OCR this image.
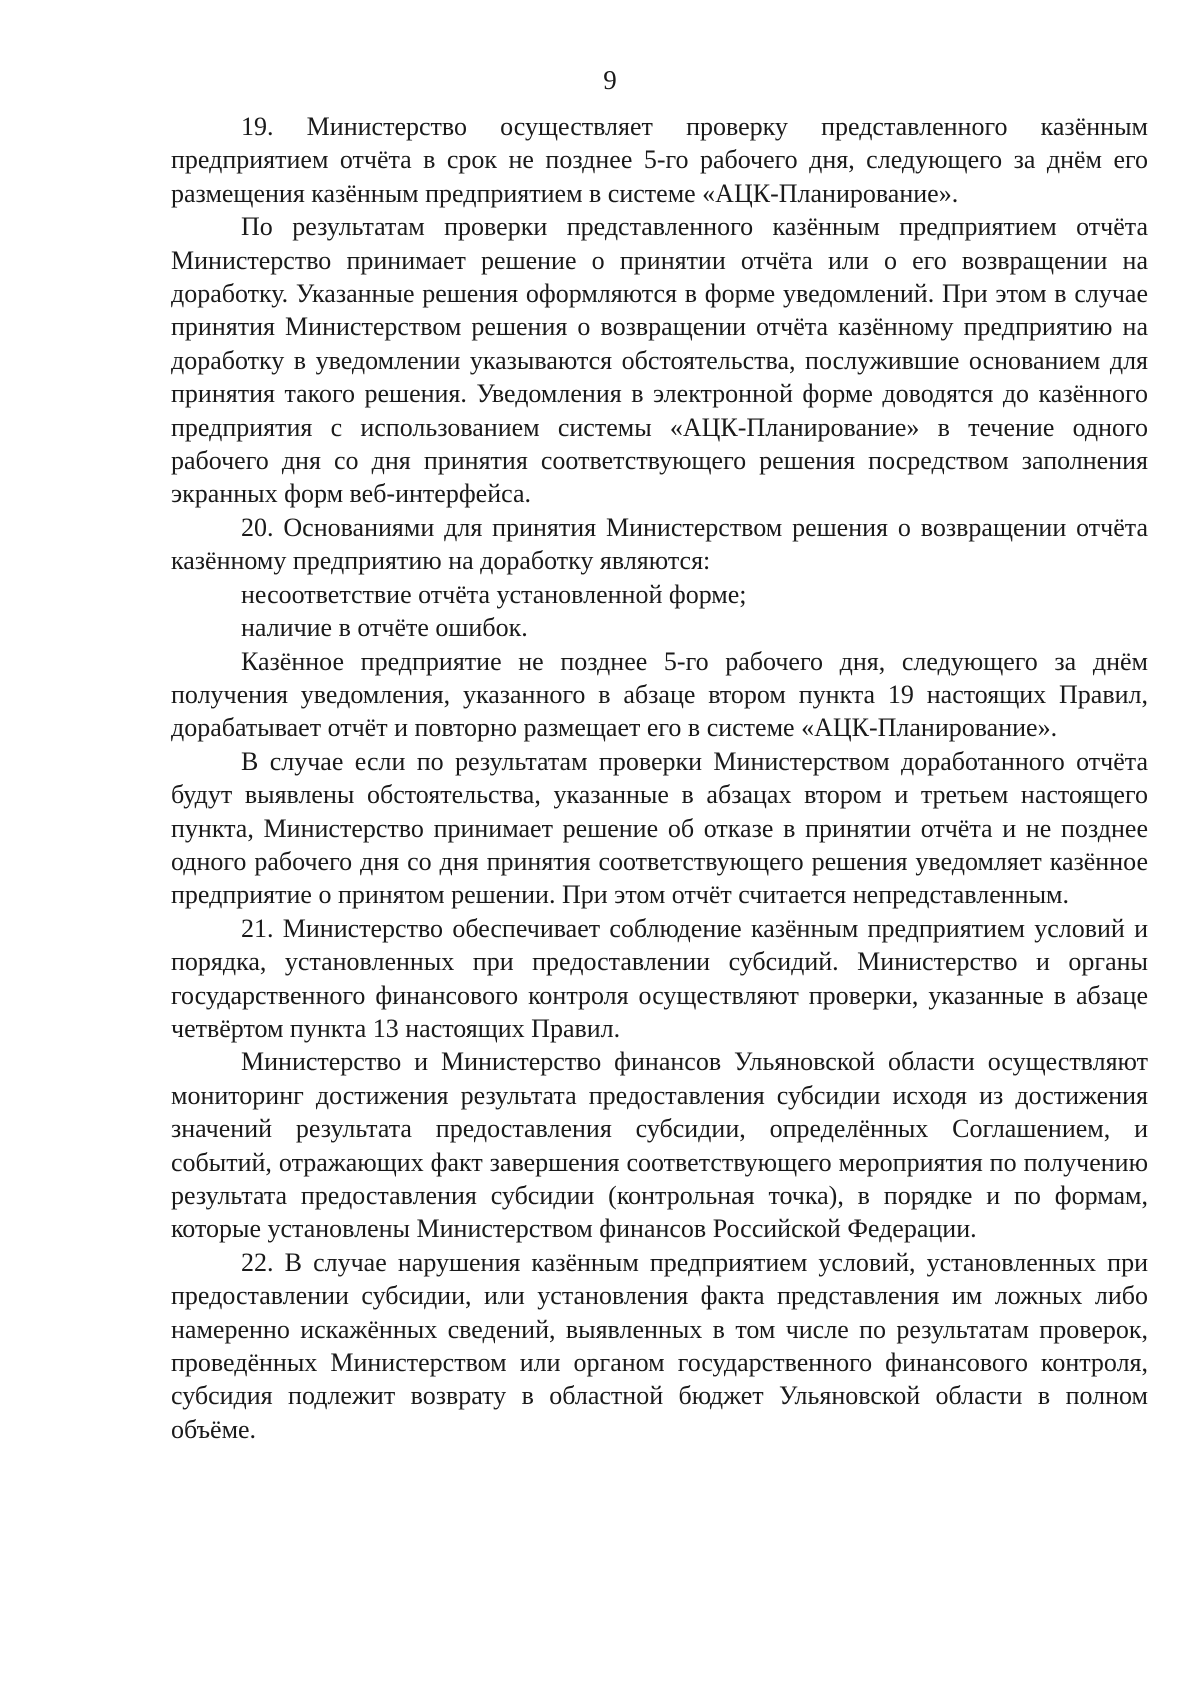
9

19. Министерство осуществляет проверку представленного казённым предприятием отчёта в срок не позднее 5-го рабочего дня, следующего за днём его размещения казённым предприятием в системе «АЦК-Планирование».

По результатам проверки представленного казённым предприятием отчёта Министерство принимает решение о принятии отчёта или о его возвращении на доработку. Указанные решения оформляются в форме уведомлений. При этом в случае принятия Министерством решения о возвращении отчёта казённому предприятию на доработку в уведомлении указываются обстоятельства, послужившие основанием для принятия такого решения. Уведомления в электронной форме доводятся до казённого предприятия с использованием системы «АЦК-Планирование» в течение одного рабочего дня со дня принятия соответствующего решения посредством заполнения экранных форм веб-интерфейса.

20. Основаниями для принятия Министерством решения о возвращении отчёта казённому предприятию на доработку являются:

несоответствие отчёта установленной форме;

наличие в отчёте ошибок.

Казённое предприятие не позднее 5-го рабочего дня, следующего за днём получения уведомления, указанного в абзаце втором пункта 19 настоящих Правил, дорабатывает отчёт и повторно размещает его в системе «АЦК-Планирование».

В случае если по результатам проверки Министерством доработанного отчёта будут выявлены обстоятельства, указанные в абзацах втором и третьем настоящего пункта, Министерство принимает решение об отказе в принятии отчёта и не позднее одного рабочего дня со дня принятия соответствующего решения уведомляет казённое предприятие о принятом решении. При этом отчёт считается непредставленным.

21. Министерство обеспечивает соблюдение казённым предприятием условий и порядка, установленных при предоставлении субсидий. Министерство и органы государственного финансового контроля осуществляют проверки, указанные в абзаце четвёртом пункта 13 настоящих Правил.

Министерство и Министерство финансов Ульяновской области осуществляют мониторинг достижения результата предоставления субсидии исходя из достижения значений результата предоставления субсидии, определённых Соглашением, и событий, отражающих факт завершения соответствующего мероприятия по получению результата предоставления субсидии (контрольная точка), в порядке и по формам, которые установлены Министерством финансов Российской Федерации.

22. В случае нарушения казённым предприятием условий, установленных при предоставлении субсидии, или установления факта представления им ложных либо намеренно искажённых сведений, выявленных в том числе по результатам проверок, проведённых Министерством или органом государственного финансового контроля, субсидия подлежит возврату в областной бюджет Ульяновской области в полном объёме.
